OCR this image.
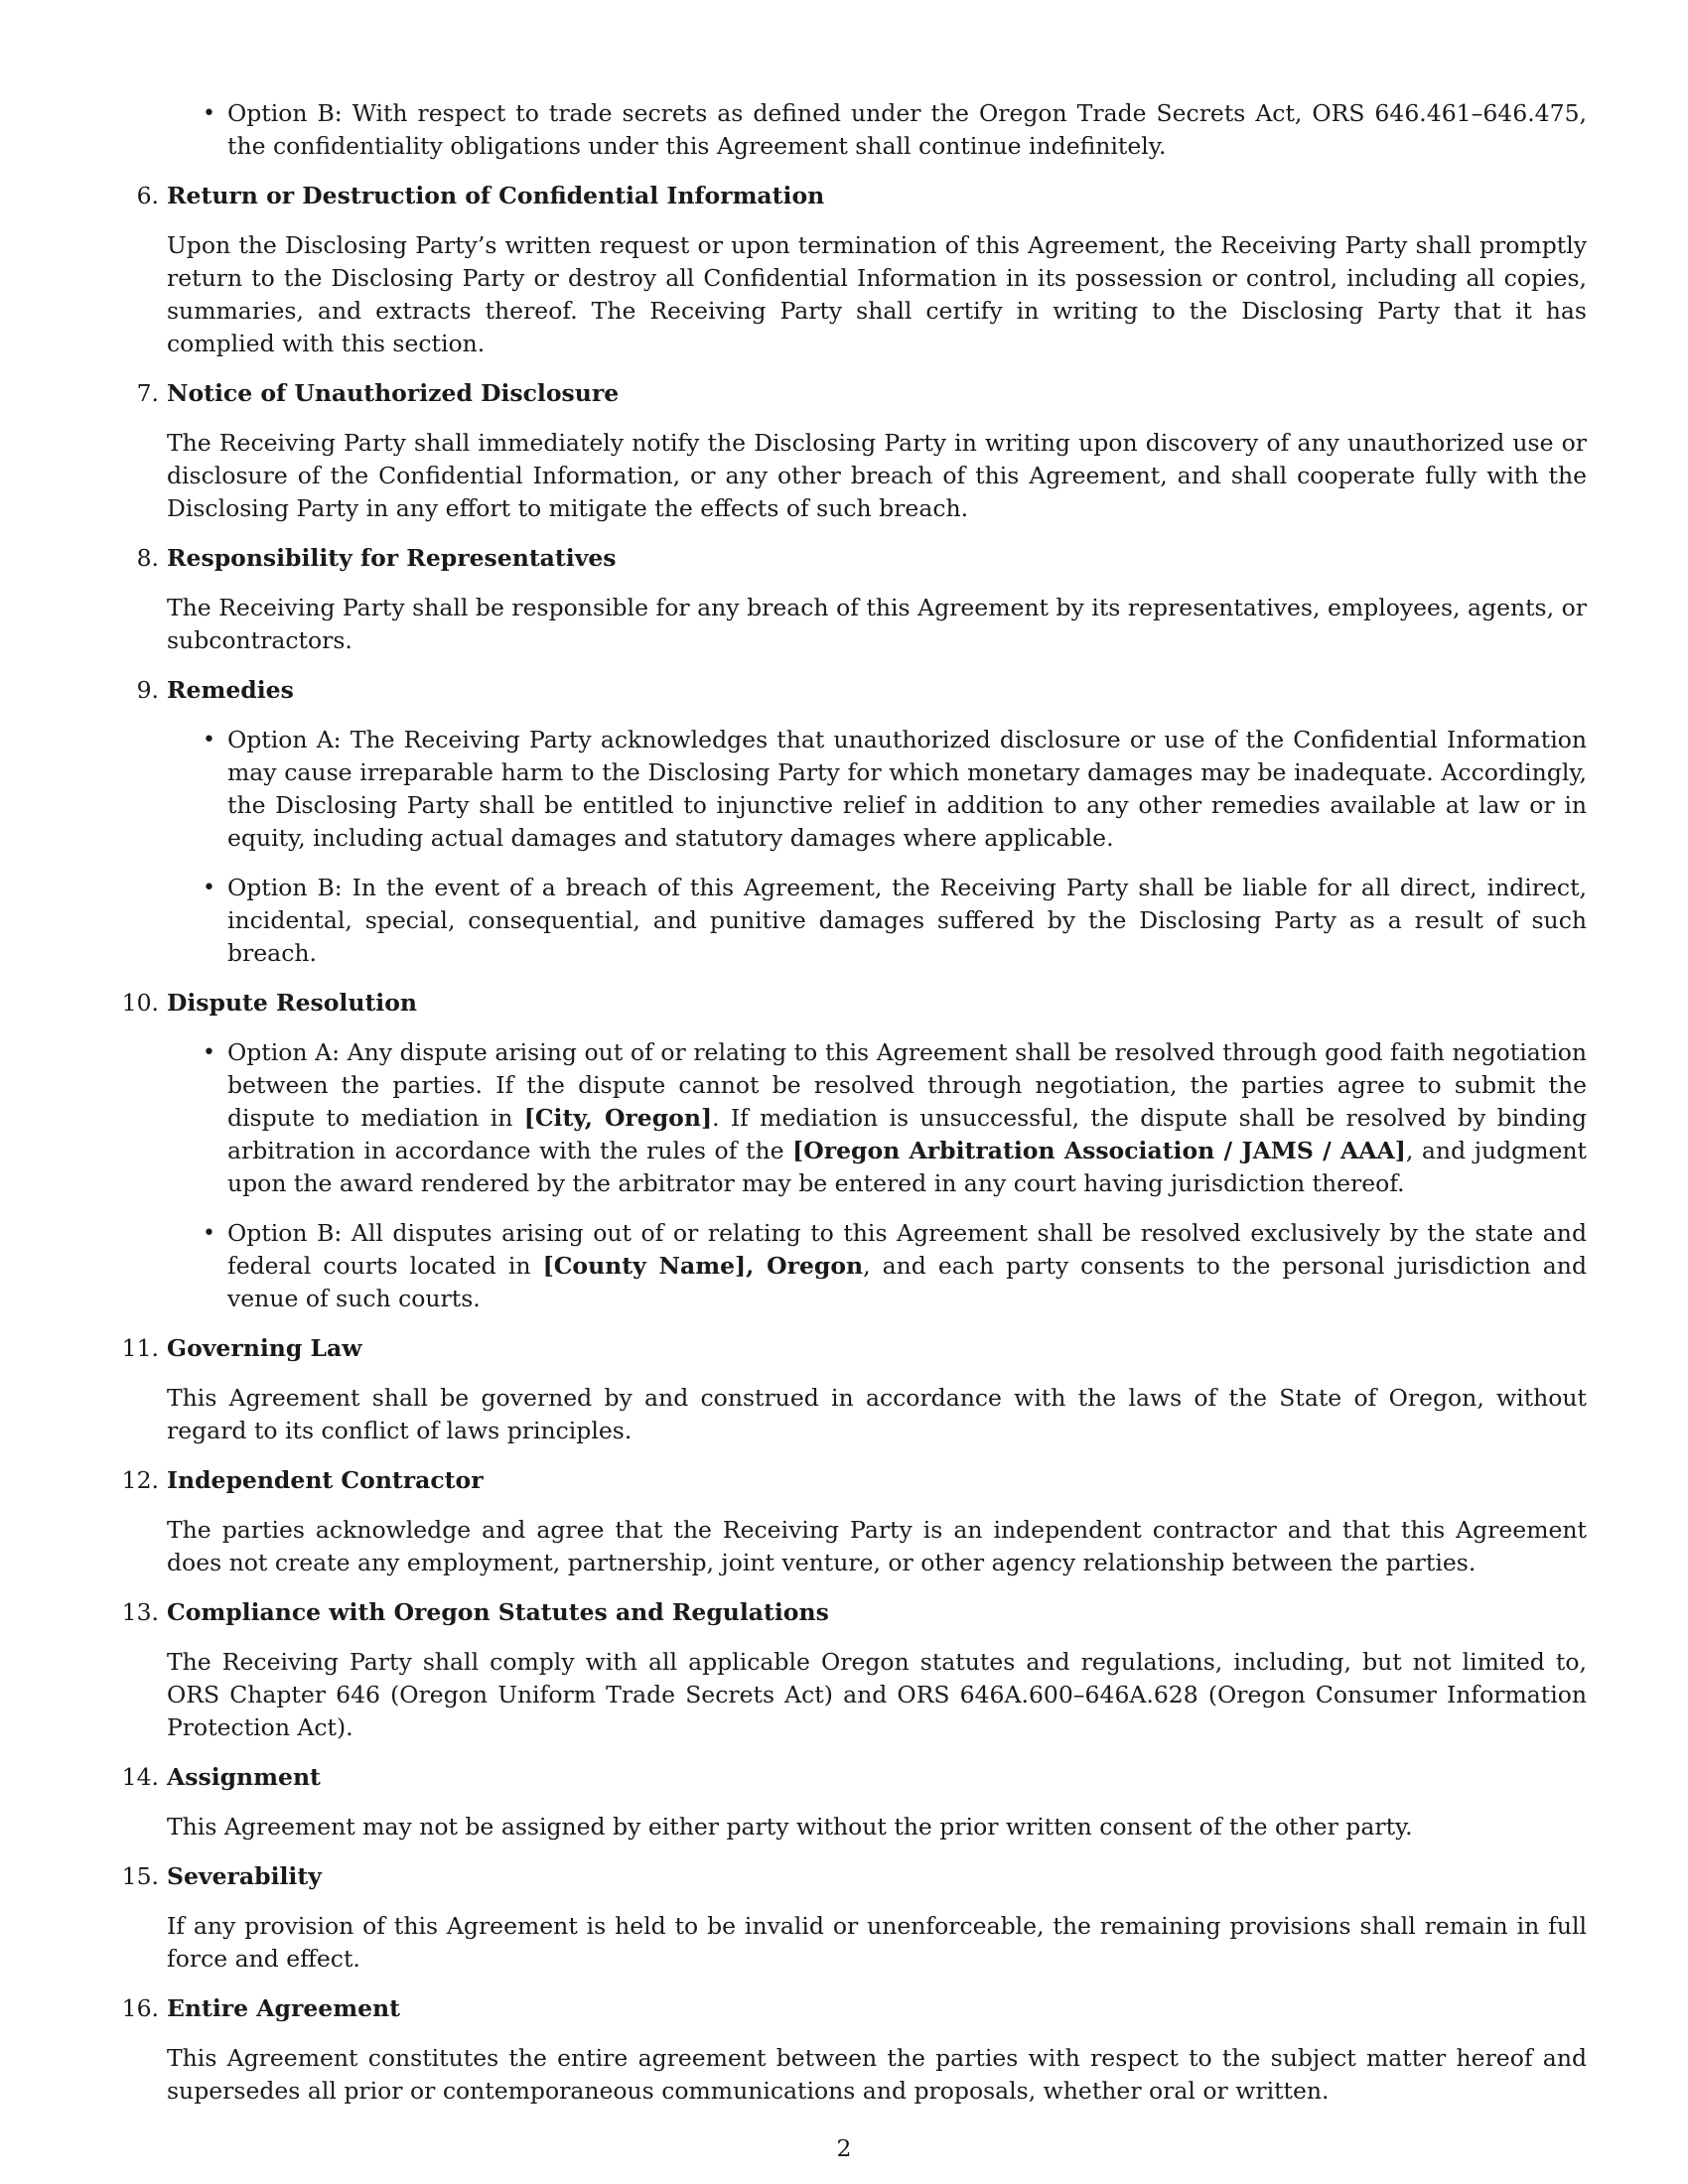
• Option B: With respect to trade secrets as defined under the Oregon Trade Secrets Act, ORS 646.461–646.475, the confidentiality obligations under this Agreement shall continue indefinitely.
6. Return or Destruction of Confidential Information
Upon the Disclosing Party’s written request or upon termination of this Agreement, the Receiving Party shall promptly return to the Disclosing Party or destroy all Confidential Information in its possession or control, including all copies, summaries, and extracts thereof. The Receiving Party shall certify in writing to the Disclosing Party that it has complied with this section.
7. Notice of Unauthorized Disclosure
The Receiving Party shall immediately notify the Disclosing Party in writing upon discovery of any unauthorized use or disclosure of the Confidential Information, or any other breach of this Agreement, and shall cooperate fully with the Disclosing Party in any effort to mitigate the effects of such breach.
8. Responsibility for Representatives
The Receiving Party shall be responsible for any breach of this Agreement by its representatives, employees, agents, or subcontractors.
9. Remedies
• Option A: The Receiving Party acknowledges that unauthorized disclosure or use of the Confidential Information may cause irreparable harm to the Disclosing Party for which monetary damages may be inadequate. Accordingly, the Disclosing Party shall be entitled to injunctive relief in addition to any other remedies available at law or in equity, including actual damages and statutory damages where applicable.
• Option B: In the event of a breach of this Agreement, the Receiving Party shall be liable for all direct, indirect, incidental, special, consequential, and punitive damages suffered by the Disclosing Party as a result of such breach.
10. Dispute Resolution
• Option A: Any dispute arising out of or relating to this Agreement shall be resolved through good faith negotiation between the parties. If the dispute cannot be resolved through negotiation, the parties agree to submit the dispute to mediation in [City, Oregon]. If mediation is unsuccessful, the dispute shall be resolved by binding arbitration in accordance with the rules of the [Oregon Arbitration Association / JAMS / AAA], and judgment upon the award rendered by the arbitrator may be entered in any court having jurisdiction thereof.
• Option B: All disputes arising out of or relating to this Agreement shall be resolved exclusively by the state and federal courts located in [County Name], Oregon, and each party consents to the personal jurisdiction and venue of such courts.
11. Governing Law
This Agreement shall be governed by and construed in accordance with the laws of the State of Oregon, without regard to its conflict of laws principles.
12. Independent Contractor
The parties acknowledge and agree that the Receiving Party is an independent contractor and that this Agreement does not create any employment, partnership, joint venture, or other agency relationship between the parties.
13. Compliance with Oregon Statutes and Regulations
The Receiving Party shall comply with all applicable Oregon statutes and regulations, including, but not limited to, ORS Chapter 646 (Oregon Uniform Trade Secrets Act) and ORS 646A.600–646A.628 (Oregon Consumer Information Protection Act).
14. Assignment
This Agreement may not be assigned by either party without the prior written consent of the other party.
15. Severability
If any provision of this Agreement is held to be invalid or unenforceable, the remaining provisions shall remain in full force and effect.
16. Entire Agreement
This Agreement constitutes the entire agreement between the parties with respect to the subject matter hereof and supersedes all prior or contemporaneous communications and proposals, whether oral or written.
2
